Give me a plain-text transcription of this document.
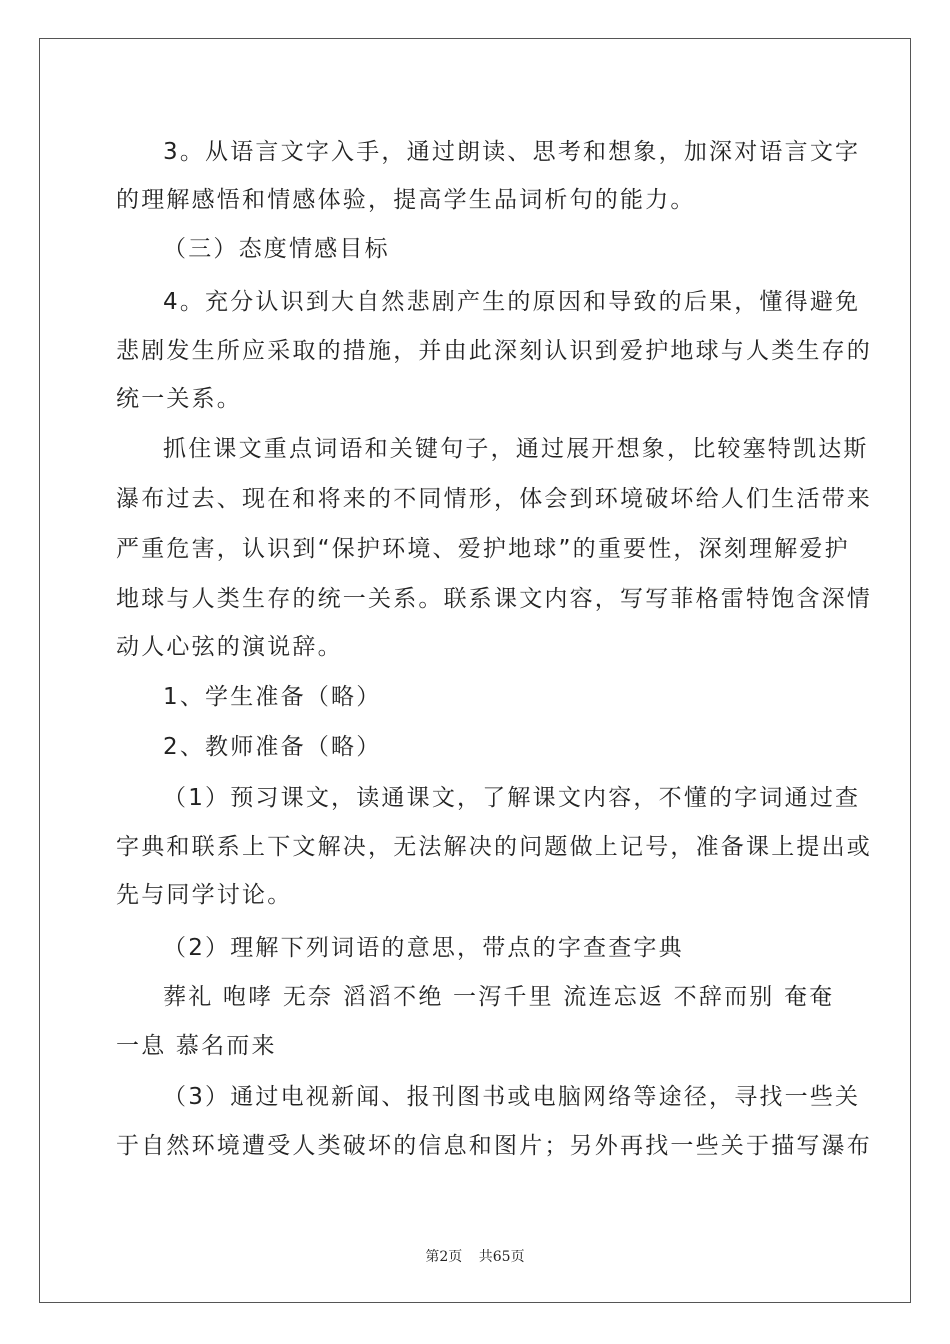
3。从语言文字入手，通过朗读、思考和想象，加深对语言文字
的理解感悟和情感体验，提高学生品词析句的能力。
（三）态度情感目标
4。充分认识到大自然悲剧产生的原因和导致的后果，懂得避免
悲剧发生所应采取的措施，并由此深刻认识到爱护地球与人类生存的
统一关系。
抓住课文重点词语和关键句子，通过展开想象，比较塞特凯达斯
瀑布过去、现在和将来的不同情形，体会到环境破坏给人们生活带来
严重危害，认识到“保护环境、爱护地球”的重要性，深刻理解爱护
地球与人类生存的统一关系。联系课文内容，写写菲格雷特饱含深情
动人心弦的演说辞。
1、学生准备（略）
2、教师准备（略）
（1）预习课文，读通课文，了解课文内容，不懂的字词通过查
字典和联系上下文解决，无法解决的问题做上记号，准备课上提出或
先与同学讨论。
（2）理解下列词语的意思，带点的字查查字典
葬礼 咆哮 无奈 滔滔不绝 一泻千里 流连忘返 不辞而别 奄奄
一息 慕名而来
（3）通过电视新闻、报刊图书或电脑网络等途径，寻找一些关
于自然环境遭受人类破坏的信息和图片；另外再找一些关于描写瀑布
第2页 共65页
